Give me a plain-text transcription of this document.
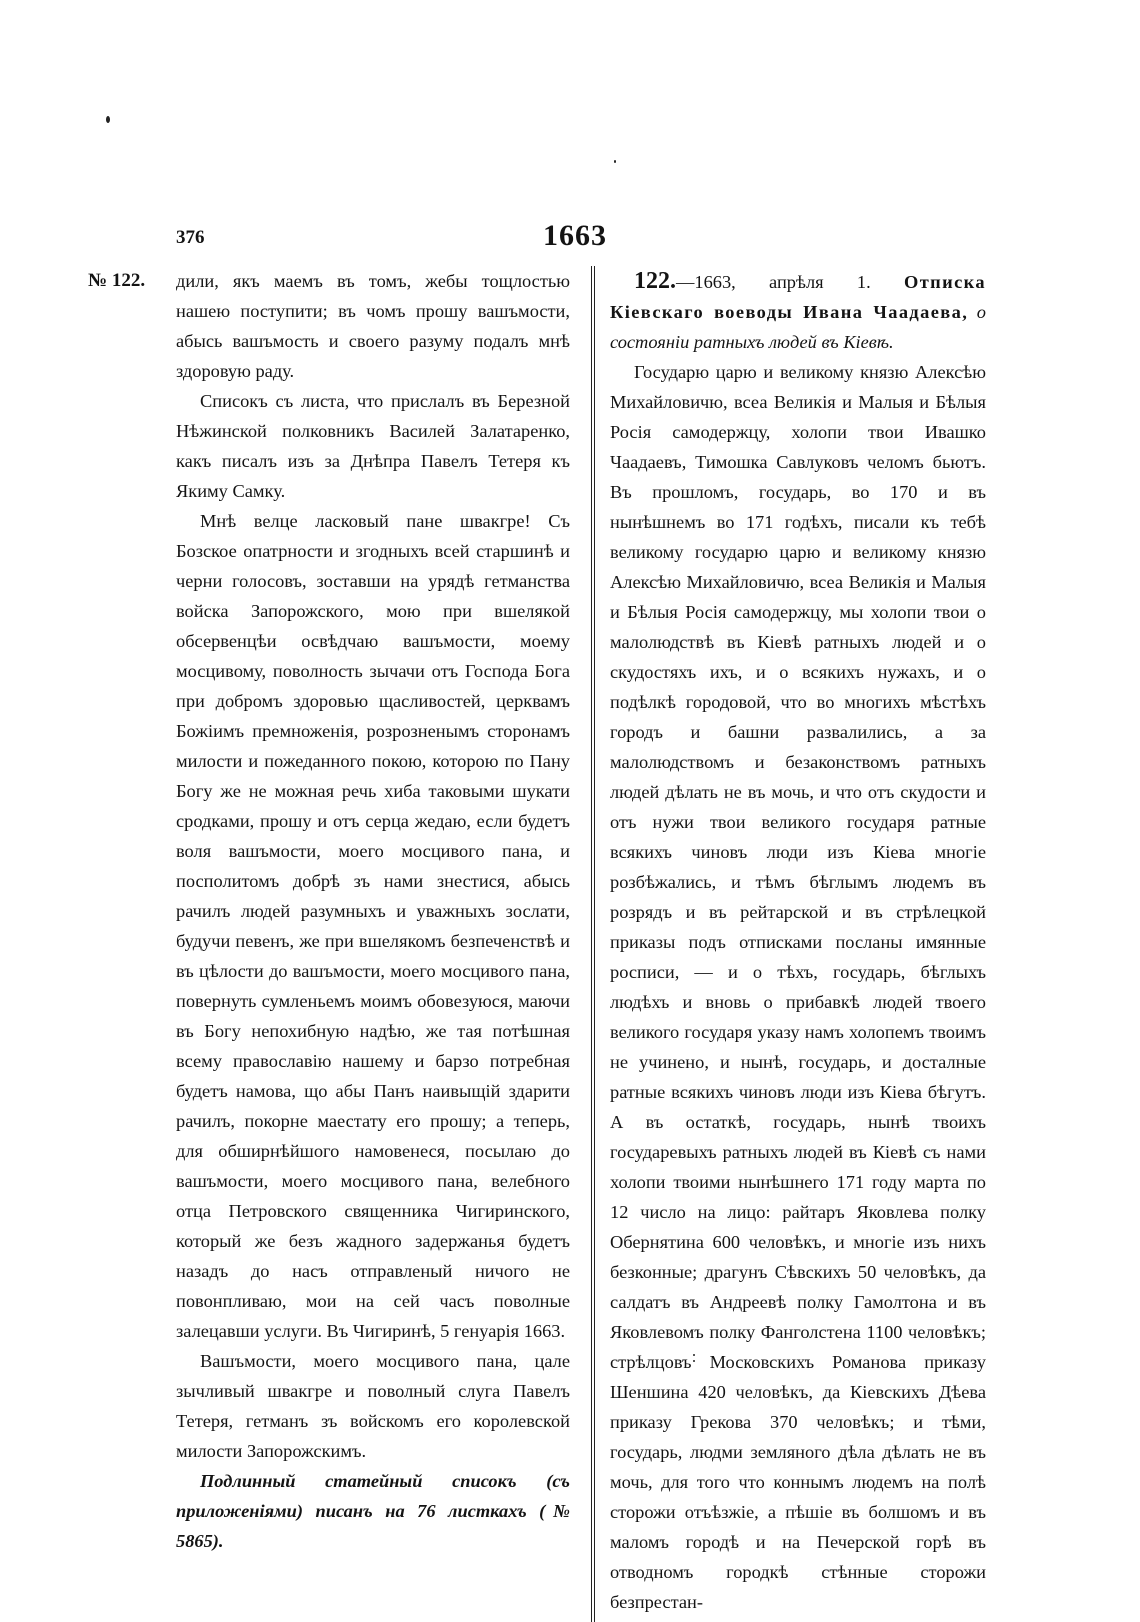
376	1663
№ 122. дили, якъ маемъ въ томъ, жебы тощлостью нашею поступити; въ чомъ прошу вашъмости, абысь вашъмость и своего разуму подалъ мнѣ здоровую раду.

Списокъ съ листа, что прислалъ въ Березной Нѣжинской полковникъ Василей Залатаренко, какъ писалъ изъ за Днѣпра Павелъ Тетеря къ Якиму Самку.

Мнѣ велце ласковый пане швакгре! Съ Бозское опатрности и згодныхъ всей старшинѣ и черни голосовъ, зоставши на урядѣ гетманства войска Запорожского, мою при вшелякой обсервенцѣи освѣдчаю вашъмости, моему мосцивому, поволность зычачи отъ Господа Бога при добромъ здоровью щасливостей, церквамъ Божіимъ премноженія, розрозненымъ сторонамъ милости и пожеданного покою, которою по Пану Богу же не можная речь хиба таковыми шукати сродками, прошу и отъ серца жедаю, если будетъ воля вашъмости, моего мосцивого пана, и посполитомъ добрѣ зъ нами знестися, абысь рачилъ людей разумныхъ и уважныхъ зослати, будучи певенъ, же при вшелякомъ безпеченствѣ и въ цѣлости до вашъмости, моего мосцивого пана, повернуть сумленьемъ моимъ обовезуюся, маючи въ Богу непохибную надѣю, же тая потѣшная всему православію нашему и барзо потребная будетъ намова, що абы Панъ наивыщій здарити рачилъ, покорне маестату его прошу; а теперь, для обширнѣйшого намовенеся, посылаю до вашъмости, моего мосцивого пана, велебного отца Петровского священника Чигиринского, который же безъ жадного задержанья будетъ назадъ до насъ отправленый ничого не повонпливаю, мои на сей часъ поволные залецавши услуги. Въ Чигиринѣ, 5 генуарія 1663.

Вашъмости, моего мосцивого пана, цале зычливый швакгре и поволный слуга Павелъ Тетеря, гетманъ зъ войскомъ его королевской милости Запорожскимъ.

Подлинный статейный списокъ (съ приложеніями) писанъ на 76 листкахъ (№ 5865).

122.—1663, апрѣля 1. Отписка Кіевскаго воеводы Ивана Чаадаева, о состояніи ратныхъ людей въ Кіевѣ.

Государю царю и великому князю Алексѣю Михайловичю, всеа Великія и Малыя и Бѣлыя Росія самодержцу, холопи твои Ивашко Чаадаевъ, Тимошка Савлуковъ челомъ бьютъ. Въ прошломъ, государь, во 170 и въ нынѣшнемъ во 171 годѣхъ, писали къ тебѣ великому государю царю и великому князю Алексѣю Михайловичю, всеа Великія и Малыя и Бѣлыя Росія самодержцу, мы холопи твои о малолюдствѣ въ Кіевѣ ратныхъ людей и о скудостяхъ ихъ, и о всякихъ нужахъ, и о подѣлкѣ городовой, что во многихъ мѣстѣхъ городъ и башни развалились, а за малолюдствомъ и безаконствомъ ратныхъ людей дѣлать не въ мочь, и что отъ скудости и отъ нужи твои великого государя ратные всякихъ чиновъ люди изъ Кіева многіе розбѣжались, и тѣмъ бѣглымъ людемъ въ розрядъ и въ рейтарской и въ стрѣлецкой приказы подъ отписками посланы имянные росписи, — и о тѣхъ, государь, бѣглыхъ людѣхъ и вновь о прибавкѣ людей твоего великого государя указу намъ холопемъ твоимъ не учинено, и нынѣ, государь, и досталные ратные всякихъ чиновъ люди изъ Кіева бѣгутъ. А въ остаткѣ, государь, нынѣ твоихъ государевыхъ ратныхъ людей въ Кіевѣ съ нами холопи твоими нынѣшнего 171 году марта по 12 число на лицо: райтаръ Яковлева полку Обернятина 600 человѣкъ, и многіе изъ нихъ безконные; драгунъ Сѣвскихъ 50 человѣкъ, да салдатъ въ Андреевѣ полку Гамолтона и въ Яковлевомъ полку Фанголстена 1100 человѣкъ; стрѣлцовъ Московскихъ Романова приказу Шеншина 420 человѣкъ, да Кіевскихъ Дѣева приказу Грекова 370 человѣкъ; и тѣми, государь, людми земляного дѣла дѣлать не въ мочь, для того что коннымъ людемъ на полѣ сторожи отъѣзжіе, а пѣшіе въ болшомъ и въ маломъ городѣ и на Печерской горѣ въ отводномъ городкѣ стѣнные сторожи безпрестан-
